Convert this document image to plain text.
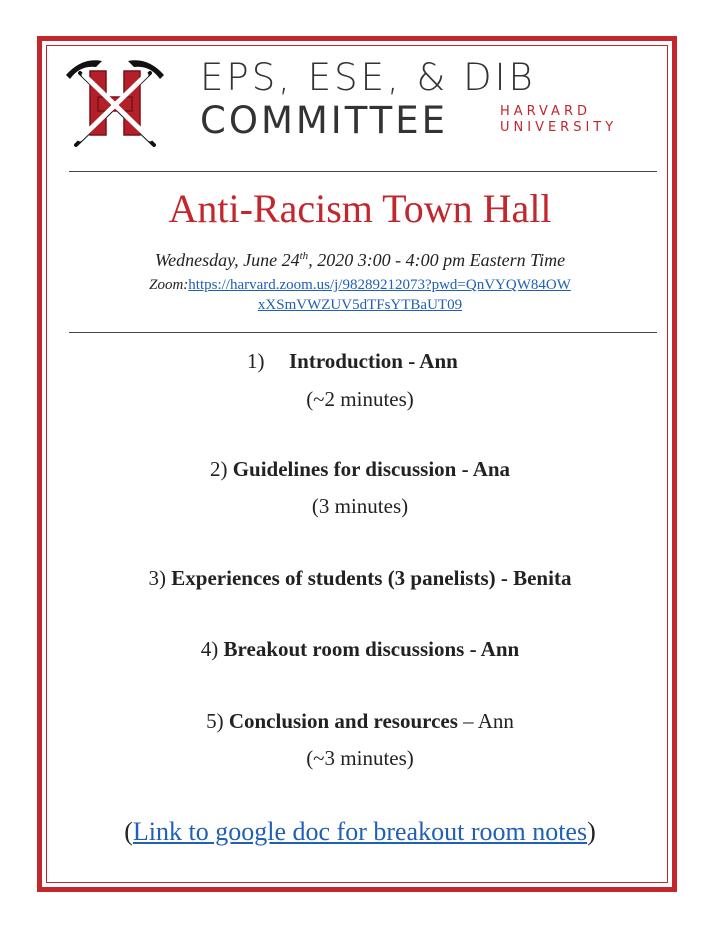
EPS, ESE, & DIB
COMMITTEE	HARVARD
UNIVERSITY
Anti-Racism Town Hall
Wednesday, June 24th, 2020 3:00 - 4:00 pm Eastern Time
Zoom:https://harvard.zoom.us/j/98289212073?pwd=QnVYQW84OW
xXSmVWZUV5dTFsYTBaUT09
1) Introduction - Ann
(~2 minutes)
2) Guidelines for discussion - Ana
(3 minutes)
3) Experiences of students (3 panelists) - Benita
4) Breakout room discussions - Ann
5) Conclusion and resources – Ann
(~3 minutes)
(Link to google doc for breakout room notes)
